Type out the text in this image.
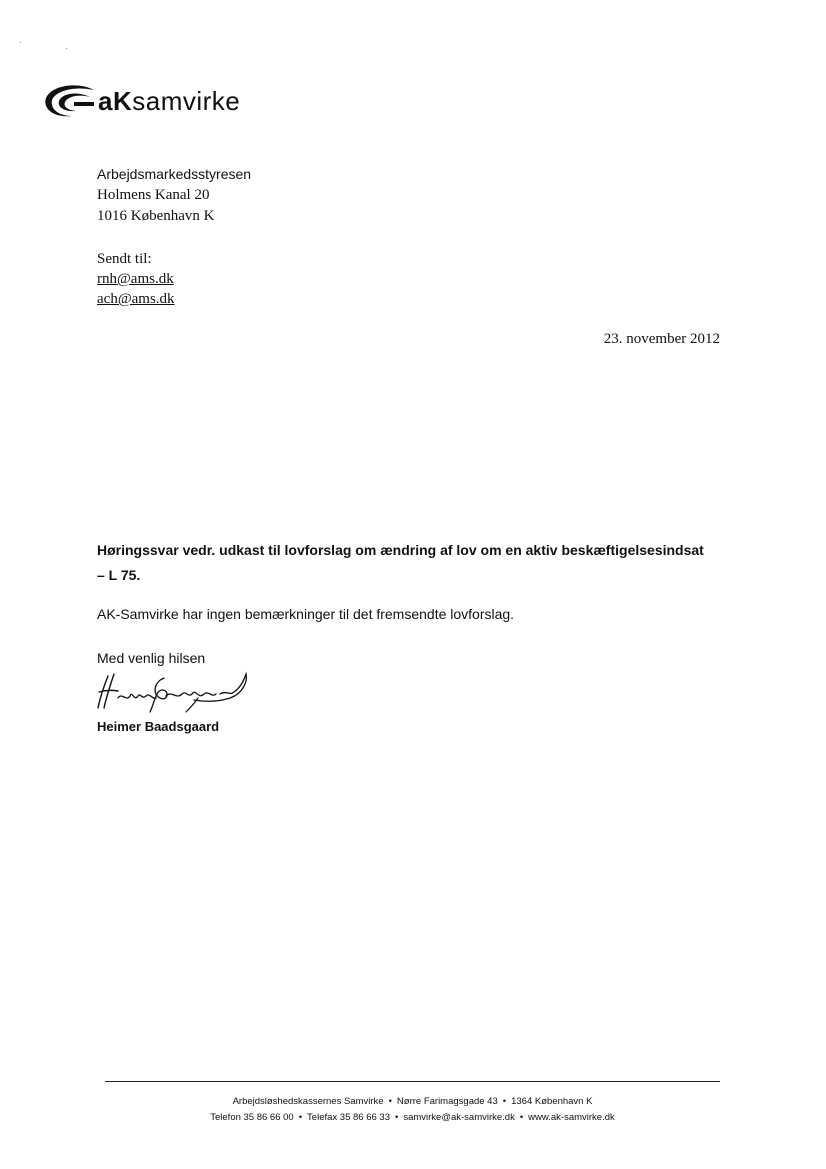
aKsamvirke
Arbejdsmarkedsstyresen
Holmens Kanal 20
1016 København K
Sendt til:
rnh@ams.dk
ach@ams.dk
23. november 2012
Høringssvar vedr. udkast til lovforslag om ændring af lov om en aktiv beskæftigelsesindsat
– L 75.
AK-Samvirke har ingen bemærkninger til det fremsendte lovforslag.
Med venlig hilsen
Heimer Baadsgaard
Arbejdsløshedskassernes Samvirke • Nørre Farimagsgade 43 • 1364 København K
Telefon 35 86 66 00 • Telefax 35 86 66 33 • samvirke@ak-samvirke.dk • www.ak-samvirke.dk
